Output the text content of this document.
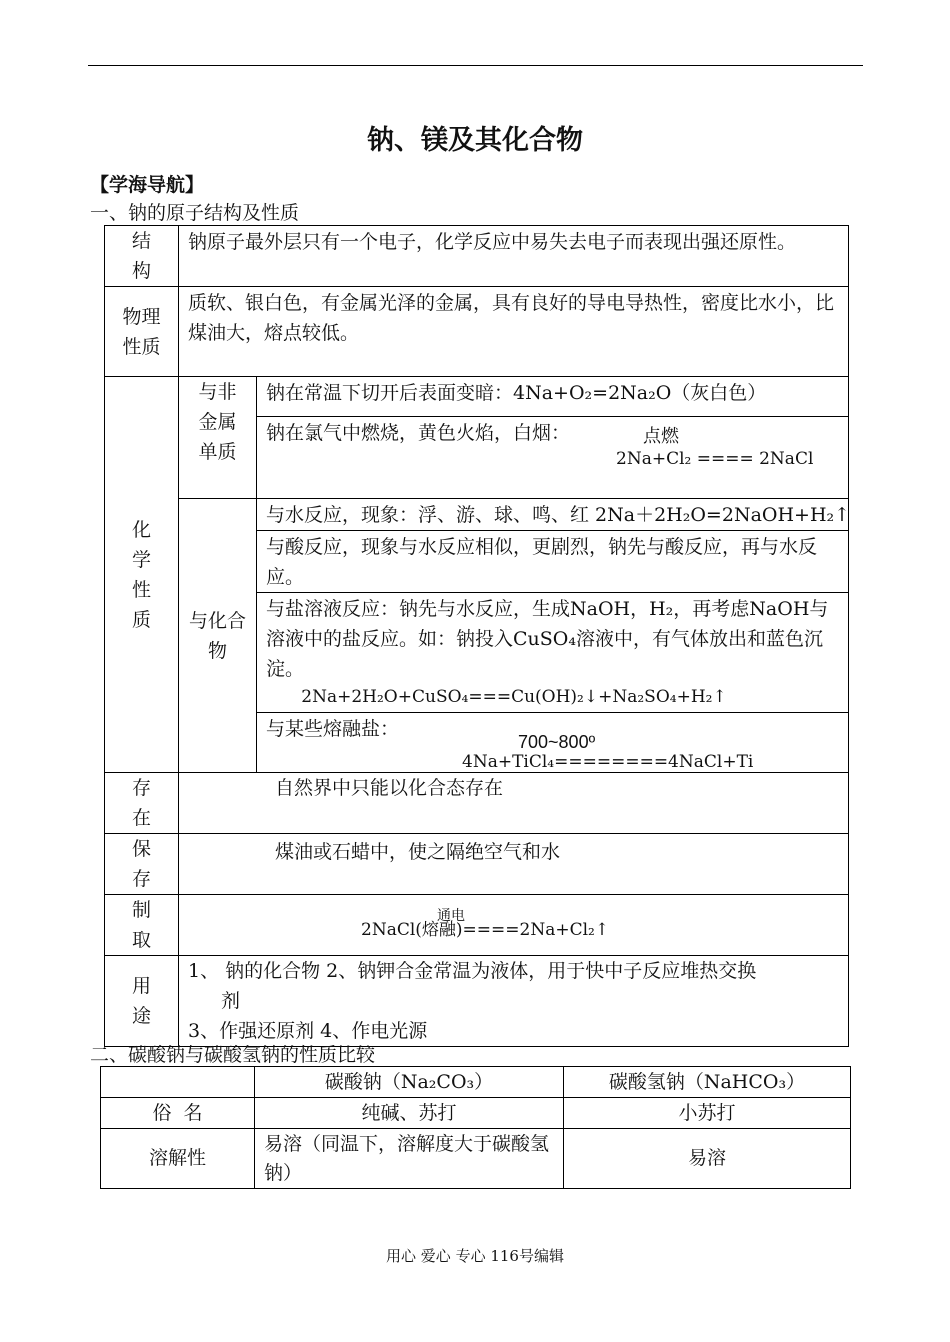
钠、镁及其化合物
【学海导航】
一、钠的原子结构及性质
结构	钠原子最外层只有一个电子，化学反应中易失去电子而表现出强还原性。	
物理性质	质软、银白色，有金属光泽的金属，具有良好的导电导热性，密度比水小，比煤油大，熔点较低。	
化学性质	与非金属单质	钠在常温下切开后表面变暗：4Na+O₂=2Na₂O（灰白色）

		钠在氯气中燃烧，黄色火焰，白烟： 点燃
2Na+Cl₂ ==== 2NaCl

	与化合物	与水反应，现象：浮、游、球、鸣、红 2Na＋2H₂O=2NaOH+H₂↑
		与酸反应，现象与水反应相似，更剧烈，钠先与酸反应，再与水反应。

		与盐溶液反应：钠先与水反应，生成NaOH，H₂，再考虑NaOH与溶液中的盐反应。如：钠投入CuSO₄溶液中，有气体放出和蓝色沉淀。
2Na+2H₂O+CuSO₄===Cu(OH)₂↓+Na₂SO₄+H₂↑

		与某些熔融盐：
700~800º
4Na+TiCl₄========4NaCl+Ti

存在	自然界中只能以化合态存在	
保存	煤油或石蜡中，使之隔绝空气和水	
制取	通电
2NaCl(熔融)====2Na+Cl₂↑	

用途	1、 钠的化合物 2、钠钾合金常温为液体，用于快中子反应堆热交换
剂
3、作强还原剂 4、作电光源	
二、碳酸钠与碳酸氢钠的性质比较
	碳酸钠（Na₂CO₃）	碳酸氢钠（NaHCO₃）
俗  名	纯碱、苏打	小苏打
溶解性	易溶（同温下，溶解度大于碳酸氢钠）	易溶
用心 爱心 专心 116号编辑
